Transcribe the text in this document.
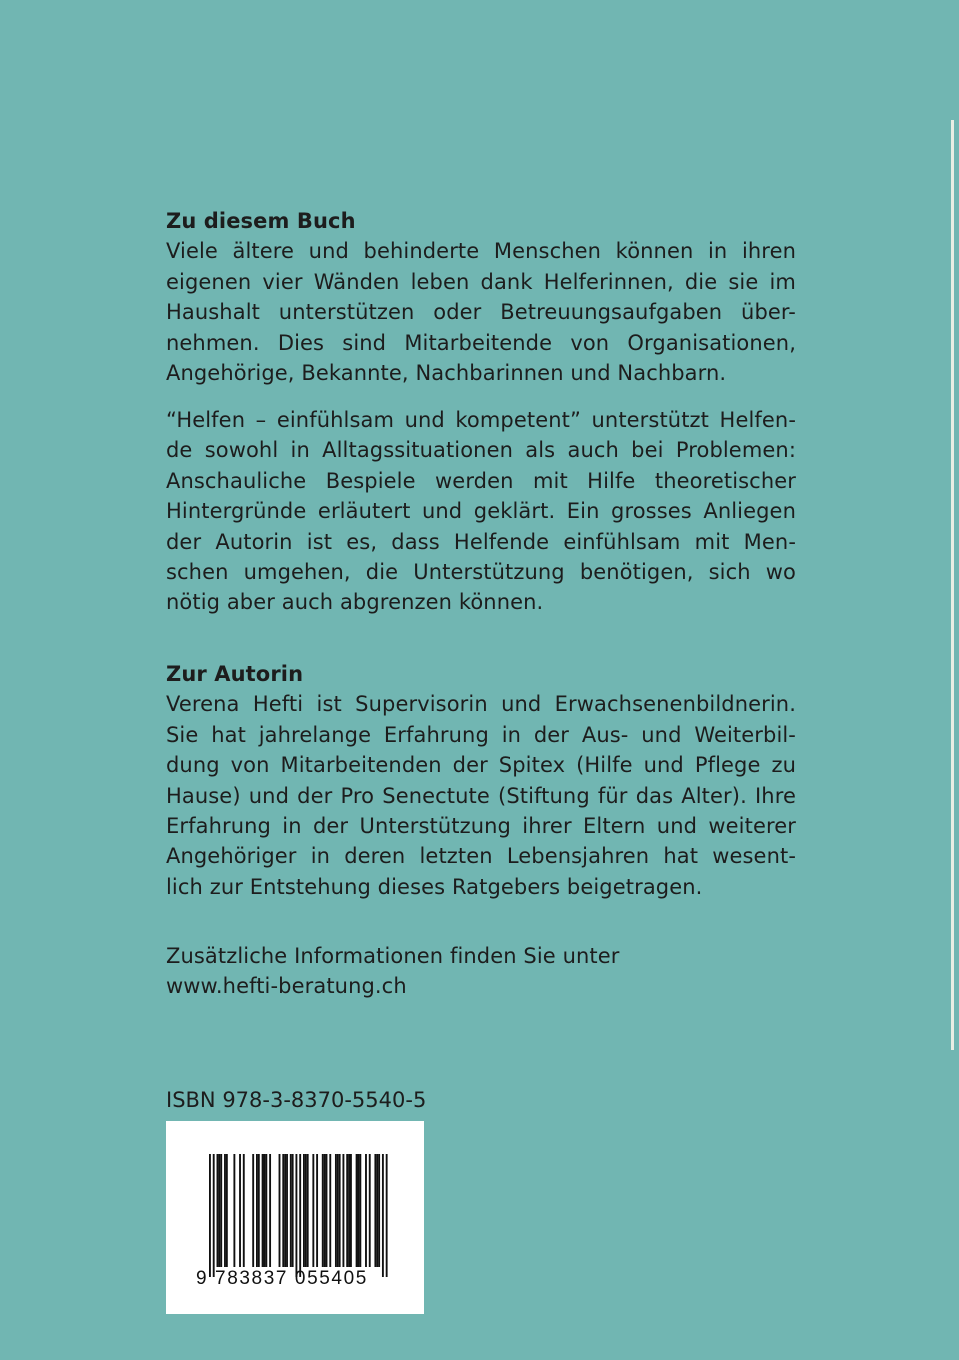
Zu diesem Buch

Viele ältere und behinderte Menschen können in ihren
eigenen vier Wänden leben dank Helferinnen, die sie im
Haushalt unterstützen oder Betreuungsaufgaben über-
nehmen. Dies sind Mitarbeitende von Organisationen,
Angehörige, Bekannte, Nachbarinnen und Nachbarn.
“Helfen – einfühlsam und kompetent” unterstützt Helfen-
de sowohl in Alltagssituationen als auch bei Problemen:
Anschauliche Bespiele werden mit Hilfe theoretischer
Hintergründe erläutert und geklärt. Ein grosses Anliegen
der Autorin ist es, dass Helfende einfühlsam mit Men-
schen umgehen, die Unterstützung benötigen, sich wo
nötig aber auch abgrenzen können.

Zur Autorin

Verena Hefti ist Supervisorin und Erwachsenenbildnerin.
Sie hat jahrelange Erfahrung in der Aus- und Weiterbil-
dung von Mitarbeitenden der Spitex (Hilfe und Pflege zu
Hause) und der Pro Senectute (Stiftung für das Alter). Ihre
Erfahrung in der Unterstützung ihrer Eltern und weiterer
Angehöriger in deren letzten Lebensjahren hat wesent-
lich zur Entstehung dieses Ratgebers beigetragen.
Zusätzliche Informationen finden Sie unter
www.hefti-beratung.ch
ISBN 978-3-8370-5540-5
9 783837 055405
